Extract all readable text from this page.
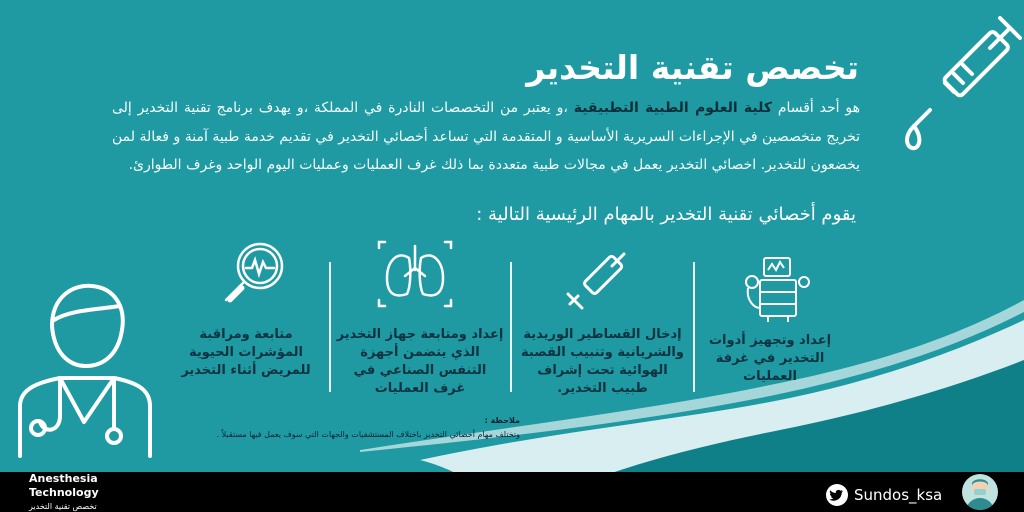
تخصص تقنية التخدير

هو أحد أقسام كلية العلوم الطبية التطبيقية ،و يعتبر من التخصصات النادرة في المملكة ،و يهدف برنامج تقنية التخدير إلى تخريج متخصصين في الإجراءات السريرية الأساسية و المتقدمة التي تساعد أخصائي التخدير في تقديم خدمة طبية آمنة و فعالة لمن يخضعون للتخدير. اخصائي التخدير يعمل في مجالات طبية متعددة بما ذلك غرف العمليات وعمليات اليوم الواحد وغرف الطوارئ.

يقوم أخصائي تقنية التخدير بالمهام الرئيسية التالية :
إعداد وتجهيز أدوات التخدير في غرفة العمليات
إدخال القساطير الوريدية والشريانية وتنبيب القصبة الهوائية تحت إشراف طبيب التخدير.
إعداد ومتابعة جهاز التخدير الذي يتضمن أجهزة التنفس الصناعي في غرف العمليات
متابعة ومراقبة المؤشرات الحيوية للمريض أثناء التخدير
ملاحظة :
وتختلف مهام أخصائي التخدير باختلاف المستشفيات والجهات التي سوف يعمل فيها مستقبلاً .
Anesthesia
Technology
تخصص تقنية التخدير
Sundos_ksa
